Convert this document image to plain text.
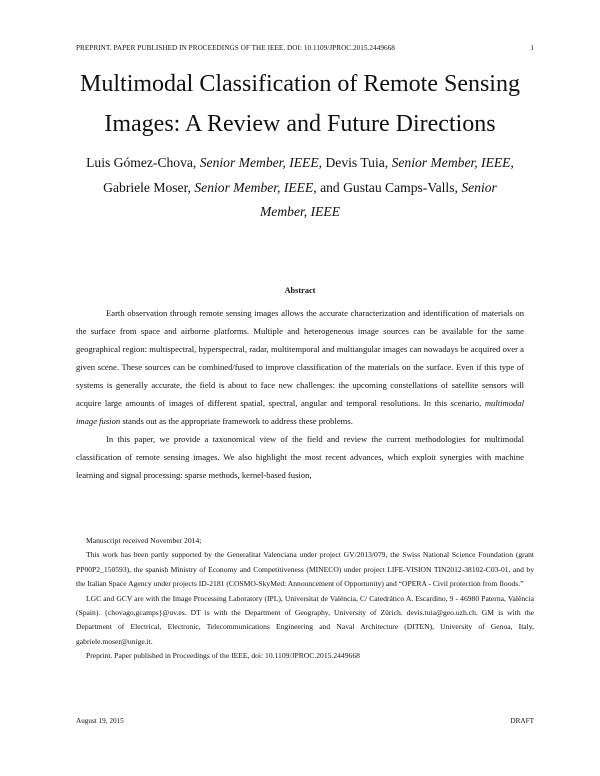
PREPRINT. PAPER PUBLISHED IN PROCEEDINGS OF THE IEEE. DOI: 10.1109/JPROC.2015.2449668	1
Multimodal Classification of Remote Sensing
Images: A Review and Future Directions
Luis Gómez-Chova, Senior Member, IEEE, Devis Tuia, Senior Member, IEEE,
Gabriele Moser, Senior Member, IEEE, and Gustau Camps-Valls, Senior
Member, IEEE
Abstract

Earth observation through remote sensing images allows the accurate characterization and identification of materials on the surface from space and airborne platforms. Multiple and heterogeneous image sources can be available for the same geographical region: multispectral, hyperspectral, radar, multitemporal and multiangular images can nowadays be acquired over a given scene. These sources can be combined/fused to improve classification of the materials on the surface. Even if this type of systems is generally accurate, the field is about to face new challenges: the upcoming constellations of satellite sensors will acquire large amounts of images of different spatial, spectral, angular and temporal resolutions. In this scenario, multimodal image fusion stands out as the appropriate framework to address these problems.

In this paper, we provide a taxonomical view of the field and review the current methodologies for multimodal classification of remote sensing images. We also highlight the most recent advances, which exploit synergies with machine learning and signal processing: sparse methods, kernel-based fusion,

Manuscript received November 2014;

This work has been partly supported by the Generalitat Valenciana under project GV/2013/079, the Swiss National Science Foundation (grant PP00P2_150593), the spanish Ministry of Economy and Competitiveness (MINECO) under project LIFE-VISION TIN2012-38102-C03-01, and by the Italian Space Agency under projects ID-2181 (COSMO-SkyMed: Announcement of Opportunity) and “OPERA - Civil protection from floods.”

LGC and GCV are with the Image Processing Laboratory (IPL), Universitat de València, C/ Catedrático A. Escardino, 9 - 46980 Paterna, València (Spain). {chovago,gcamps}@uv.es. DT is with the Department of Geography, University of Zürich. devis.tuia@geo.uzh.ch. GM is with the Department of Electrical, Electronic, Telecommunications Engineering and Naval Architecture (DITEN), University of Genoa, Italy, gabriele.moser@unige.it.

Preprint. Paper published in Proceedings of the IEEE, doi: 10.1109/JPROC.2015.2449668

August 19, 2015	DRAFT
